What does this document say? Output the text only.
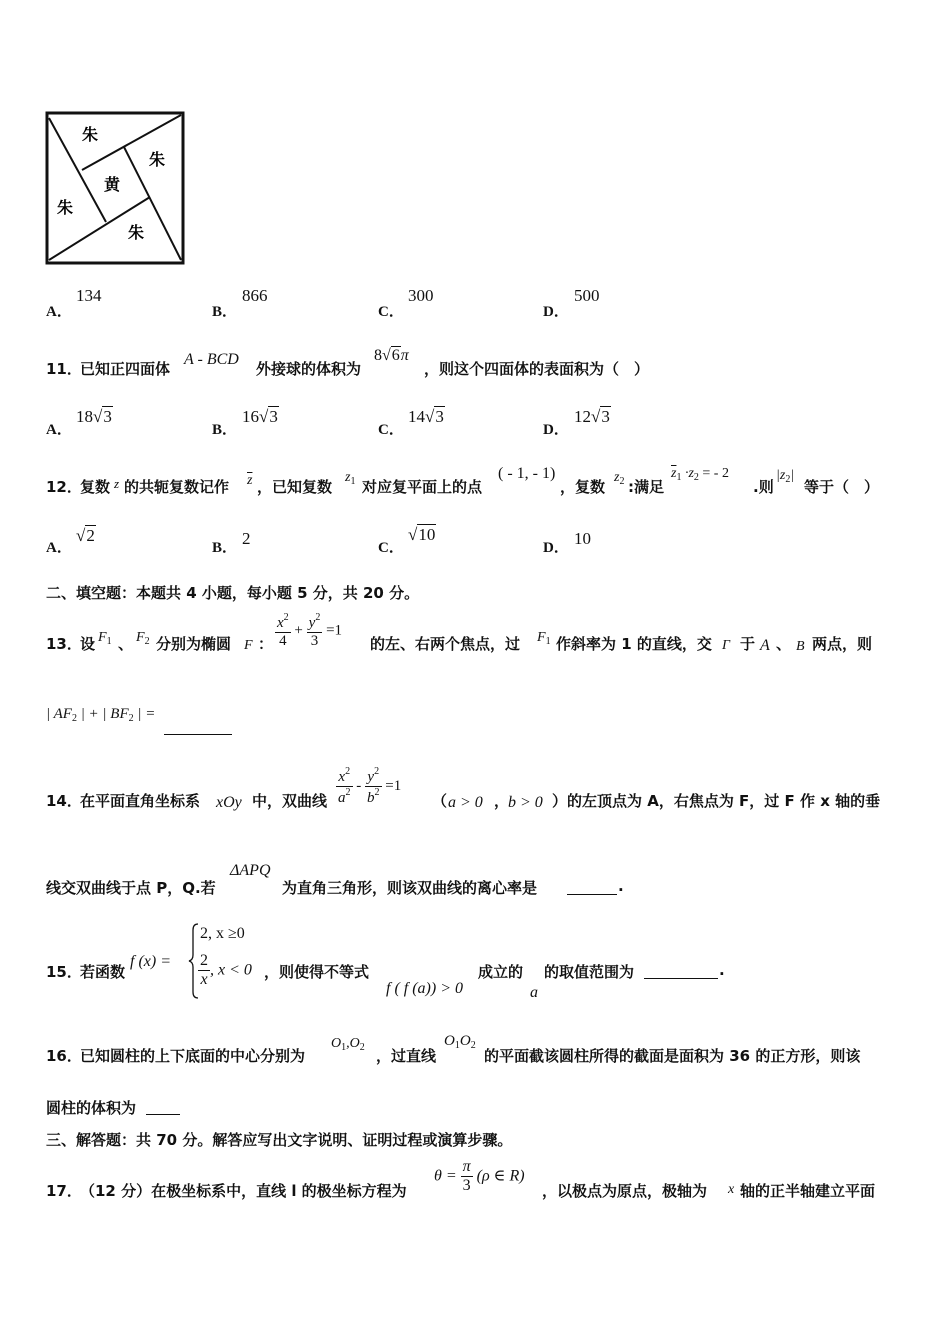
朱
朱
黄
朱
朱
A．
134
B．
866
C．
300
D．
500
11．
已知正四面体
A - BCD
外接球的体积为
8√6π
，则这个四面体的表面积为（　）
A．
18√3
B．
16√3
C．
14√3
D．
12√3
12．
复数 z 的共轭复数记作 $\overline{z}$ ，已知复数
$z_1$ 对应复平面上的点
( - 1, - 1)
，复数
$z_2$ :满足
$\overline{z}_1 \cdot z_2$ = - 2
.则
$|z_2|$
等于（　）
A．
√2
B． 2	C．
√10
D． 10
二、填空题：本题共 4 小题，每小题 5 分，共 20 分。
13．
设 $F_1$ 、 $F_2$ 分别为椭圆 F ： $\frac{x^2}{4} + \frac{y^2}{3} =1$
的左、右两个焦点，过 $F_1$ 作斜率为 1 的直线，交 Γ 于 A 、 B 两点，则
| $AF_2$ | + | $BF_2$ | =
14．
在平面直角坐标系 xOy 中，双曲线 $\frac{x^2}{a^2} - \frac{y^2}{b^2} =1$
（ a > 0 ，
b > 0 ）的左顶点为 A，右焦点为 F，过 F 作 x 轴的垂
线交双曲线于点 P，Q.若
ΔAPQ
为直角三角形，则该双曲线的离心率是	.
15．
若函数
f (x) =
2, x ≥0
$\frac{2}{x}$ , x < 0 ，则使得不等式
f ( f (a)) > 0
成立的
a
的取值范围为	.
16．
已知圆柱的上下底面的中心分别为
$O_1,O_2$ ，过直线
$O_1O_2$
的平面截该圆柱所得的截面是面积为 36 的正方形，则该
圆柱的体积为
三、解答题：共 70 分。解答应写出文字说明、证明过程或演算步骤。
17．
（12 分）在极坐标系中，直线 l 的极坐标方程为
$\theta = \frac{\pi}{3} (\rho$ ∈ R)
，以极点为原点，极轴为 x 轴的正半轴建立平面
